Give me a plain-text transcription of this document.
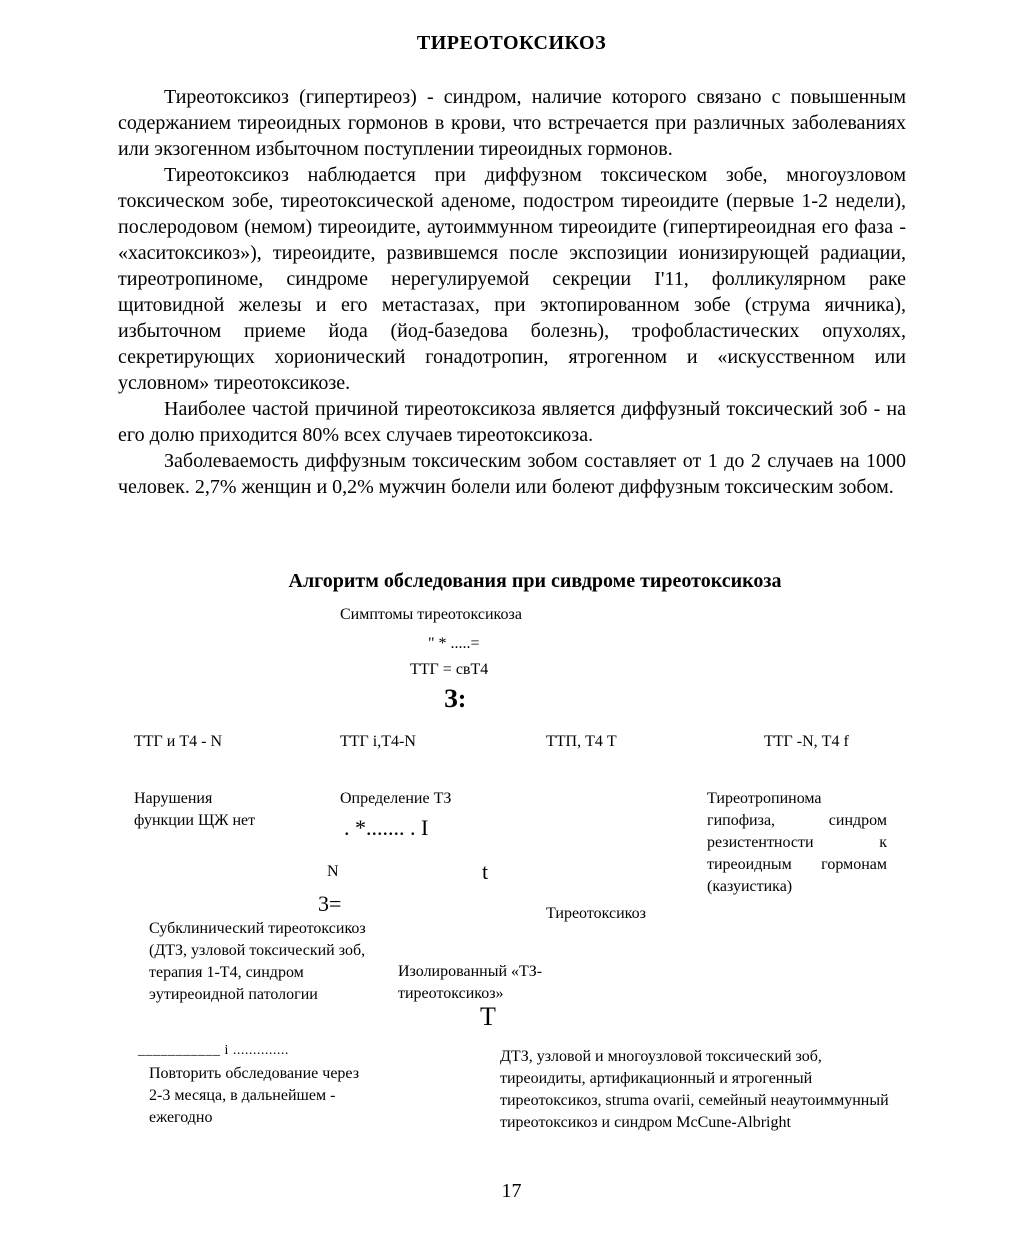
ТИРЕОТОКСИКОЗ

Тиреотоксикоз (гипертиреоз) - синдром, наличие которого связано с повышенным содержанием тиреоидных гормонов в крови, что встречается при различных заболеваниях или экзогенном избыточном поступлении тиреоидных гормонов.

Тиреотоксикоз наблюдается при диффузном токсическом зобе, многоузловом токсическом зобе, тиреотоксической аденоме, подостром тиреоидите (первые 1-2 недели), послеродовом (немом) тиреоидите, аутоиммунном тиреоидите (гипертиреоидная его фаза - «хаситоксикоз»), тиреоидите, развившемся после экспозиции ионизирующей радиации, тиреотропиноме, синдроме нерегулируемой секреции I'11, фолликулярном раке щитовидной железы и его метастазах, при эктопированном зобе (струма яичника), избыточном приеме йода (йод-базедова болезнь), трофобластических опухолях, секретирующих хорионический гонадотропин, ятрогенном и «искусственном или условном» тиреотоксикозе.

Наиболее частой причиной тиреотоксикоза является диффузный токсический зоб - на его долю приходится 80% всех случаев тиреотоксикоза.

Заболеваемость диффузным токсическим зобом составляет от 1 до 2 случаев на 1000 человек. 2,7% женщин и 0,2% мужчин болели или болеют диффузным токсическим зобом.

Алгоритм обследования при сивдроме тиреотоксикоза
Симптомы тиреотоксикоза
" * .....=
ТТГ = свТ4
З:
ТТГ и Т4 - N	ТТГ i,Т4-N	ТТП, Т4 Т	ТТГ -N, Т4 f
Нарушения функции ЩЖ нет
Определение ТЗ
. *....... . I
N	t
3=
Тиреотропинома гипофиза, синдром резистентности к тиреоидным гормонам (казуистика)
Тиреотоксикоз
Субклинический тиреотоксикоз (ДТЗ, узловой токсический зоб, терапия 1-Т4, синдром эутиреоидной патологии
Изолированный «ТЗ-тиреотоксикоз»
Т
___________ i ..............
Повторить обследование через 2-3 месяца, в дальнейшем - ежегодно
ДТЗ, узловой и многоузловой токсический зоб, тиреоидиты, артификационный и ятрогенный тиреотоксикоз, struma ovarii, семейный неаутоиммунный тиреотоксикоз и синдром McCune-Albright
17
